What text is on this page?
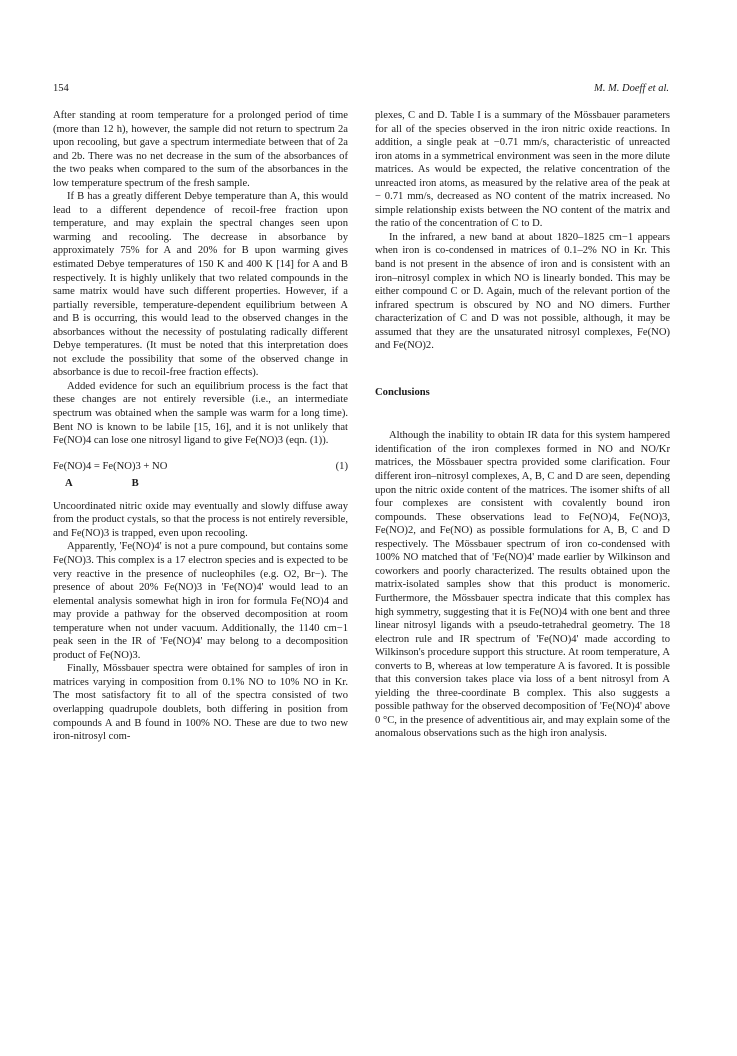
154	M. M. Doeff et al.

After standing at room temperature for a prolonged period of time (more than 12 h), however, the sample did not return to spectrum 2a upon recooling, but gave a spectrum intermediate between that of 2a and 2b. There was no net decrease in the sum of the absorbances of the two peaks when compared to the sum of the absorbances in the low temperature spectrum of the fresh sample.

If B has a greatly different Debye temperature than A, this would lead to a different dependence of recoil-free fraction upon temperature, and may explain the spectral changes seen upon warming and recooling. The decrease in absorbance by approximately 75% for A and 20% for B upon warming gives estimated Debye temperatures of 150 K and 400 K [14] for A and B respectively. It is highly unlikely that two related compounds in the same matrix would have such different properties. However, if a partially reversible, temperature-dependent equilibrium between A and B is occurring, this would lead to the observed changes in the absorbances without the necessity of postulating radically different Debye temperatures. (It must be noted that this interpretation does not exclude the possibility that some of the observed change in absorbance is due to recoil-free fraction effects).

Added evidence for such an equilibrium process is the fact that these changes are not entirely reversible (i.e., an intermediate spectrum was obtained when the sample was warm for a long time). Bent NO is known to be labile [15, 16], and it is not unlikely that Fe(NO)4 can lose one nitrosyl ligand to give Fe(NO)3 (eqn. (1)).

Fe(NO)4 = Fe(NO)3 + NO	(1)
A	B

Uncoordinated nitric oxide may eventually and slowly diffuse away from the product cystals, so that the process is not entirely reversible, and Fe(NO)3 is trapped, even upon recooling.

Apparently, 'Fe(NO)4' is not a pure compound, but contains some Fe(NO)3. This complex is a 17 electron species and is expected to be very reactive in the presence of nucleophiles (e.g. O2, Br−). The presence of about 20% Fe(NO)3 in 'Fe(NO)4' would lead to an elemental analysis somewhat high in iron for formula Fe(NO)4 and may provide a pathway for the observed decomposition at room temperature when not under vacuum. Additionally, the 1140 cm−1 peak seen in the IR of 'Fe(NO)4' may belong to a decomposition product of Fe(NO)3.

Finally, Mössbauer spectra were obtained for samples of iron in matrices varying in composition from 0.1% NO to 10% NO in Kr. The most satisfactory fit to all of the spectra consisted of two overlapping quadrupole doublets, both differing in position from compounds A and B found in 100% NO. These are due to two new iron-nitrosyl com-

plexes, C and D. Table I is a summary of the Mössbauer parameters for all of the species observed in the iron nitric oxide reactions. In addition, a single peak at −0.71 mm/s, characteristic of unreacted iron atoms in a symmetrical environment was seen in the more dilute matrices. As would be expected, the relative concentration of the unreacted iron atoms, as measured by the relative area of the peak at − 0.71 mm/s, decreased as NO content of the matrix increased. No simple relationship exists between the NO content of the matrix and the ratio of the concentration of C to D.

In the infrared, a new band at about 1820–1825 cm−1 appears when iron is co-condensed in matrices of 0.1–2% NO in Kr. This band is not present in the absence of iron and is consistent with an iron–nitrosyl complex in which NO is linearly bonded. This may be either compound C or D. Again, much of the relevant portion of the infrared spectrum is obscured by NO and NO dimers. Further characterization of C and D was not possible, although, it may be assumed that they are the unsaturated nitrosyl complexes, Fe(NO) and Fe(NO)2.

Conclusions

Although the inability to obtain IR data for this system hampered identification of the iron complexes formed in NO and NO/Kr matrices, the Mössbauer spectra provided some clarification. Four different iron–nitrosyl complexes, A, B, C and D are seen, depending upon the nitric oxide content of the matrices. The isomer shifts of all four complexes are consistent with covalently bound iron compounds. These observations lead to Fe(NO)4, Fe(NO)3, Fe(NO)2, and Fe(NO) as possible formulations for A, B, C and D respectively. The Mössbauer spectrum of iron co-condensed with 100% NO matched that of 'Fe(NO)4' made earlier by Wilkinson and coworkers and poorly characterized. The results obtained upon the matrix-isolated samples show that this product is monomeric. Furthermore, the Mössbauer spectra indicate that this complex has high symmetry, suggesting that it is Fe(NO)4 with one bent and three linear nitrosyl ligands with a pseudo-tetrahedral geometry. The 18 electron rule and IR spectrum of 'Fe(NO)4' made according to Wilkinson's procedure support this structure. At room temperature, A converts to B, whereas at low temperature A is favored. It is possible that this conversion takes place via loss of a bent nitrosyl from A yielding the three-coordinate B complex. This also suggests a possible pathway for the observed decomposition of 'Fe(NO)4' above 0 °C, in the presence of adventitious air, and may explain some of the anomalous observations such as the high iron analysis.
